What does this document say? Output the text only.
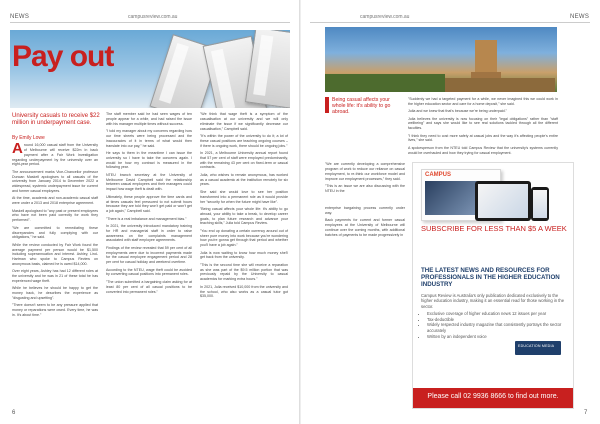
NEWS	campusreview.com.au
Pay out
University casuals to receive $22 million in underpayment case.
By Emily Lowe

Around 16,000 casual staff from the University of Melbourne will receive $22m in back payment after a Fair Work Investigation regarding underpayment by the university over an eight-year period.

The announcement marks Vice-Chancellor professor Duncan Maskell apologises to all casuals of the university from January 2014 to December 2022 a widespread, systemic underpayment issue for current and former casual employees.

At the time, academic and non-academic casual staff were under a 2013 and 2018 enterprise agreement.

Maskell apologised to "any past or present employees who have not been paid correctly for work they performed".

"We are committed to remediating these discrepancies and fully complying with our obligations," he said.

While the review conducted by Fair Work found the average payment per person would be $1,500 including superannuation and interest. Ashley, Lind-Hartman who spoke to Campus Review on anonymous basis, claimed he is owed $14,000.

Over eight years, Ashley has had 12 different roles at the university and he was in 21 of these total he has experienced wage theft.

While he believes he should be happy to get the money back, he describes the experience as "disgusting and upsetting".

"There doesn't seem to be any pressure applied that money or reparations were owed. Every time, he was in. It's about time."

The staff member said he had seen wages of ten people appear for a while, and had raised the issue with his manager multiple times without success.

"I told my manager about my concerns regarding how our time sheets were being processed and the inaccuracies of it in terms of what would then translate into our pay," he said.

He says to them in the meantime I can issue the university so I have to take the concerns again. I would be how my contract is measured in the following year.

NTEU branch secretary at the University of Melbourne David Campbell said the relationship between casual employees and their managers could impact how wage theft is dealt with.

Ultimately, these people approve the time cards and at times casuals feel pressured to not submit hours because they are told they won't get paid or won't get a job again," Campbell said.

"There is a real imbalance and management bias."

In 2021, the university introduced mandatory training for HR and managerial staff in order to raise awareness on the complaints management associated with staff employee agreements.

Findings of the review revealed that 59 per cent of all employments were due to incorrect payments made for the casual employee engagement period and 28 per cent for casual holiday and weekend overtime.

According to the NTEU, wage theft could be avoided by converting casual positions into permanent roles.

"The union submitted a bargaining claim asking for at least 80 per cent of all casual positions to be converted into permanent roles."

"We think that wage theft is a symptom of the casualisation at our university and we will only eliminate the issue if we significantly decrease our casualisation," Campbell said.

"It's within the power of the university to do it; a lot of these casual positions are teaching ongoing courses – if there is ongoing work, there should be ongoing jobs."

In 2021, a Melbourne University annual report found that 57 per cent of staff were employed predominantly, with the remaining 43 per cent on fixed-term or casual contracts.

Julia, who wishes to remain anonymous, has worked as a casual academic at the institution remotely for six years.

She said she would love to see her position transformed into a permanent role as it would provide her "security for when the future might have like".

"Being casual affects your whole life: it's ability to go abroad, your ability to take a break, to develop career goals, to plan future research and advance your teaching skills," Julia told Campus Review.

"You end up donating a certain currency around out of sheer pure money into work because you're wondering how you're gonna get through that period and whether you'll have a job again."

Julia is now waiting to know how much money she'll get back from the university.

"This is the second time she will receive a reparation as she was part of the $9.5 million portion that was previously repaid by the University to casual academics for marking extra hours."

In 2021, Julia received $10,000 from the university and the school, who also works as a casual tutor got $35,000.

6
campusreview.com.au	NEWS
7
Being casual affects your whole life: it's ability to go abroad.

"Suddenly we had a targeted payment for a while, we never imagined this we could work in the higher education sector and care for a home deposit," she said.

Julia and we knew that that's because we're being underpaid."

Julia believes the university is now focusing on their "legal obligations" rather than "staff wellbeing" and says she would like to see real solutions tackled through all the different faculties.

"I think they need to cost more safely at casual jobs and the way it's affecting people's entire lives," she said.

A spokesperson from the NTEU told Campus Review that the university's systems currently would be overhauled and how they trying for casual employment.

"We are currently developing a comprehensive program of work to reduce our reliance on casual employment, to re-think our workforce model and improve our employment processes," they said.

"This is an issue we are also discussing with the NTEU in the

enterprise bargaining process currently under way.

Back payments for current and former casual employees at the University of Melbourne will continue over the coming months, with additional batches of payments to be made progressively in

CAMPUS
SUBSCRIBE FOR LESS THAN $5 A WEEK
THE LATEST NEWS AND RESOURCES FOR PROFESSIONALS IN THE HIGHER EDUCATION INDUSTRY
Campus Review is Australia's only publication dedicated exclusively to the higher education industry, making it an essential read for those working in the sector.
• Exclusive coverage of higher education news 12 issues per year
• Tax-deductible
• Widely respected industry magazine that consistently portrays the sector accurately
• Written by an independent voice
EDUCATION MEDIA
Please call 02 9936 8666 to find out more.
